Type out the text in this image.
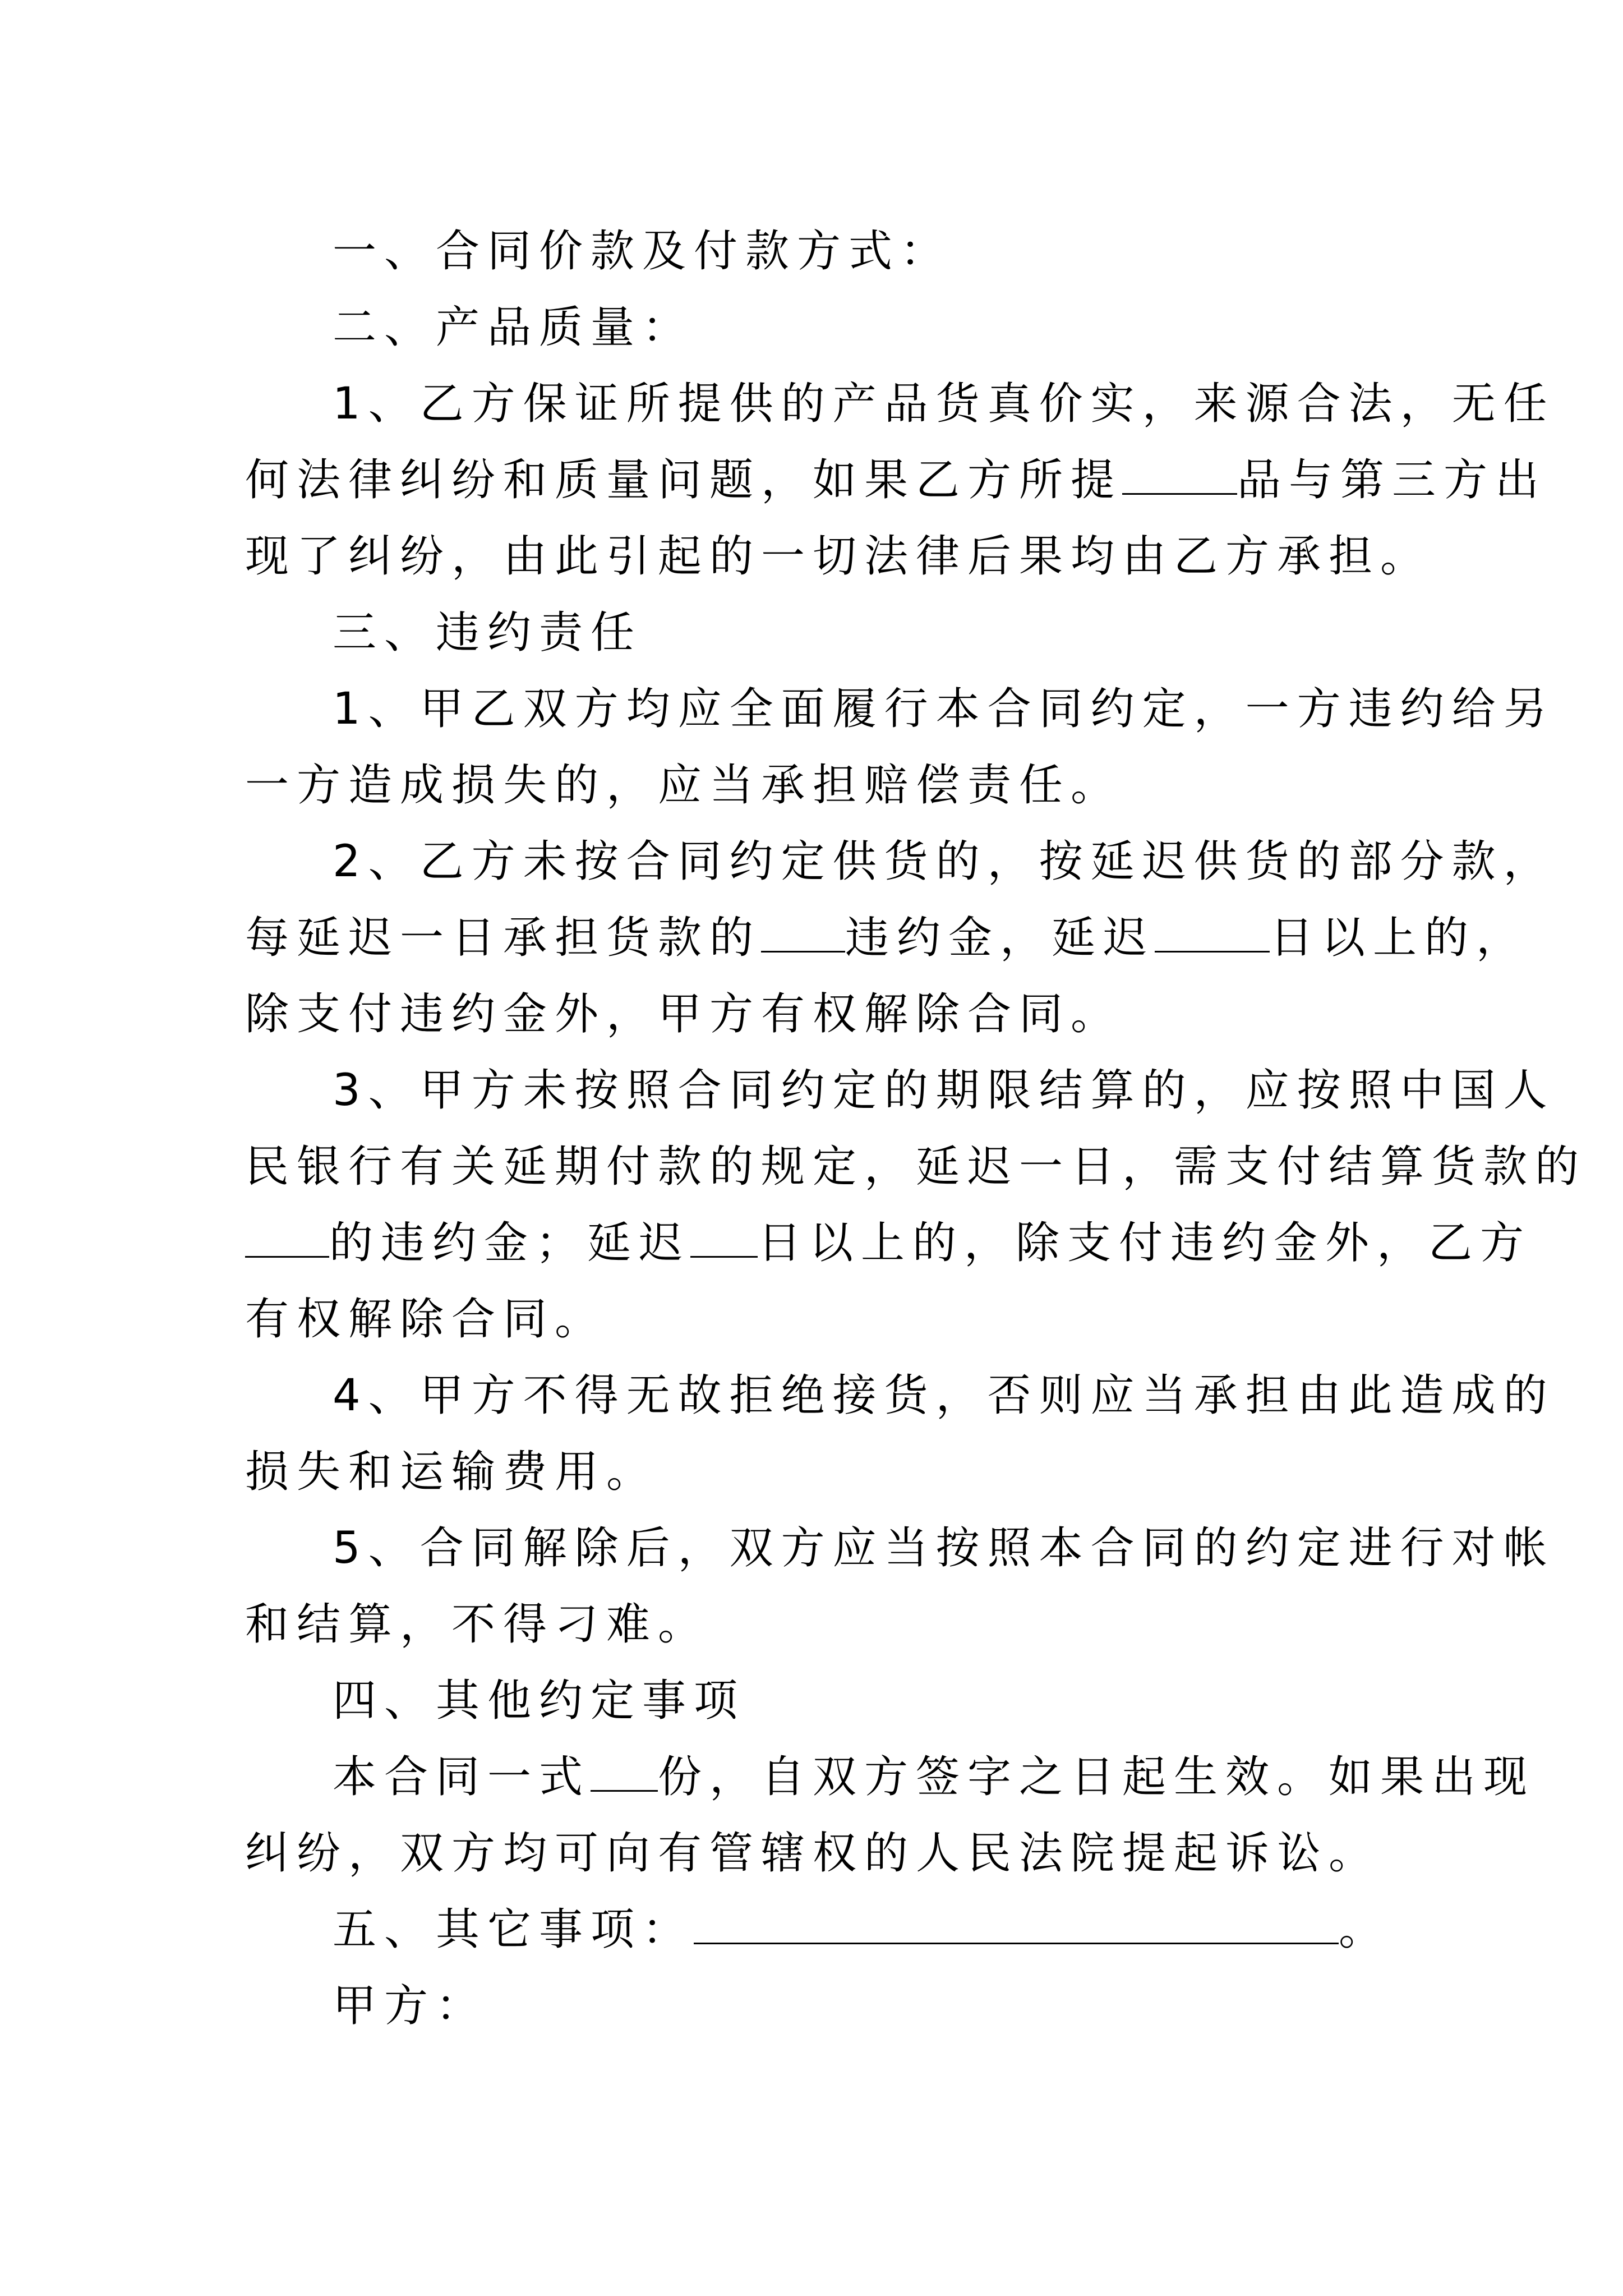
一、合同价款及付款方式：

二、产品质量：

1、乙方保证所提供的产品货真价实，来源合法，无任

何法律纠纷和质量问题，如果乙方所提	品与第三方出

现了纠纷，由此引起的一切法律后果均由乙方承担。

三、违约责任

1、甲乙双方均应全面履行本合同约定，一方违约给另

一方造成损失的，应当承担赔偿责任。

2、乙方未按合同约定供货的，按延迟供货的部分款，

每延迟一日承担货款的 违约金，延迟	日以上的，

除支付违约金外，甲方有权解除合同。

3、甲方未按照合同约定的期限结算的，应按照中国人

民银行有关延期付款的规定，延迟一日，需支付结算货款的

的违约金；延迟 日以上的，除支付违约金外，乙方

有权解除合同。

4、甲方不得无故拒绝接货，否则应当承担由此造成的

损失和运输费用。

5、合同解除后，双方应当按照本合同的约定进行对帐

和结算，不得刁难。

四、其他约定事项

本合同一式 份，自双方签字之日起生效。如果出现

纠纷，双方均可向有管辖权的人民法院提起诉讼。

五、其它事项：	。

甲方：
